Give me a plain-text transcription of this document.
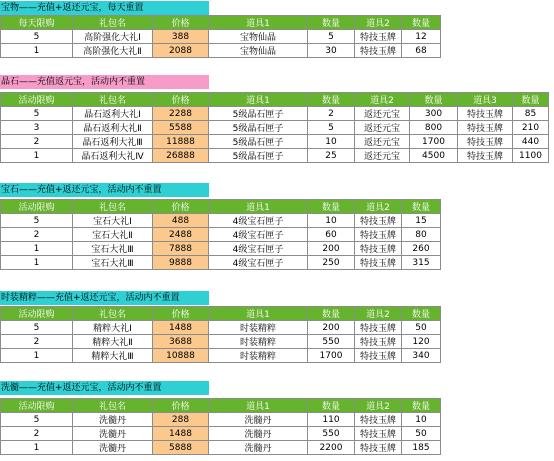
宝物——充值+返还元宝，每天重置
每天限购	礼包名	价格	道具1	数量	道具2	数量
5	高阶强化大礼Ⅰ	388	宝物仙晶	5	特技玉牌	12
1	高阶强化大礼Ⅱ	2088	宝物仙晶	30	特技玉牌	68
晶石——充值返元宝，活动内不重置
活动限购	礼包名	价格	道具1	数量	道具2	数量	道具3	数量
5	晶石返利大礼Ⅰ	2288	5级晶石匣子	2	返还元宝	300	特技玉牌	85
3	晶石返利大礼Ⅱ	5588	5级晶石匣子	5	返还元宝	800	特技玉牌	210
2	晶石返利大礼Ⅲ	11888	5级晶石匣子	10	返还元宝	1700	特技玉牌	440
1	晶石返利大礼Ⅳ	26888	5级晶石匣子	25	返还元宝	4500	特技玉牌	1100
宝石——充值+返还元宝，活动内不重置
活动限购	礼包名	价格	道具1	数量	道具2	数量
5	宝石大礼Ⅰ	488	4级宝石匣子	10	特技玉牌	15
2	宝石大礼Ⅱ	2488	4级宝石匣子	60	特技玉牌	80
1	宝石大礼Ⅲ	7888	4级宝石匣子	200	特技玉牌	260
1	宝石大礼Ⅲ	9888	4级宝石匣子	250	特技玉牌	315
时装精粹——充值+返还元宝，活动内不重置
活动限购	礼包名	价格	道具1	数量	道具2	数量
5	精粹大礼Ⅰ	1488	时装精粹	200	特技玉牌	50
2	精粹大礼Ⅱ	3688	时装精粹	550	特技玉牌	120
1	精粹大礼Ⅲ	10888	时装精粹	1700	特技玉牌	340
洗髓——充值+返还元宝，活动内不重置
活动限购	礼包名	价格	道具1	数量	道具2	数量
5	洗髓丹	288	洗髓丹	110	特技玉牌	10
2	洗髓丹	1488	洗髓丹	550	特技玉牌	50
1	洗髓丹	5888	洗髓丹	2200	特技玉牌	185
